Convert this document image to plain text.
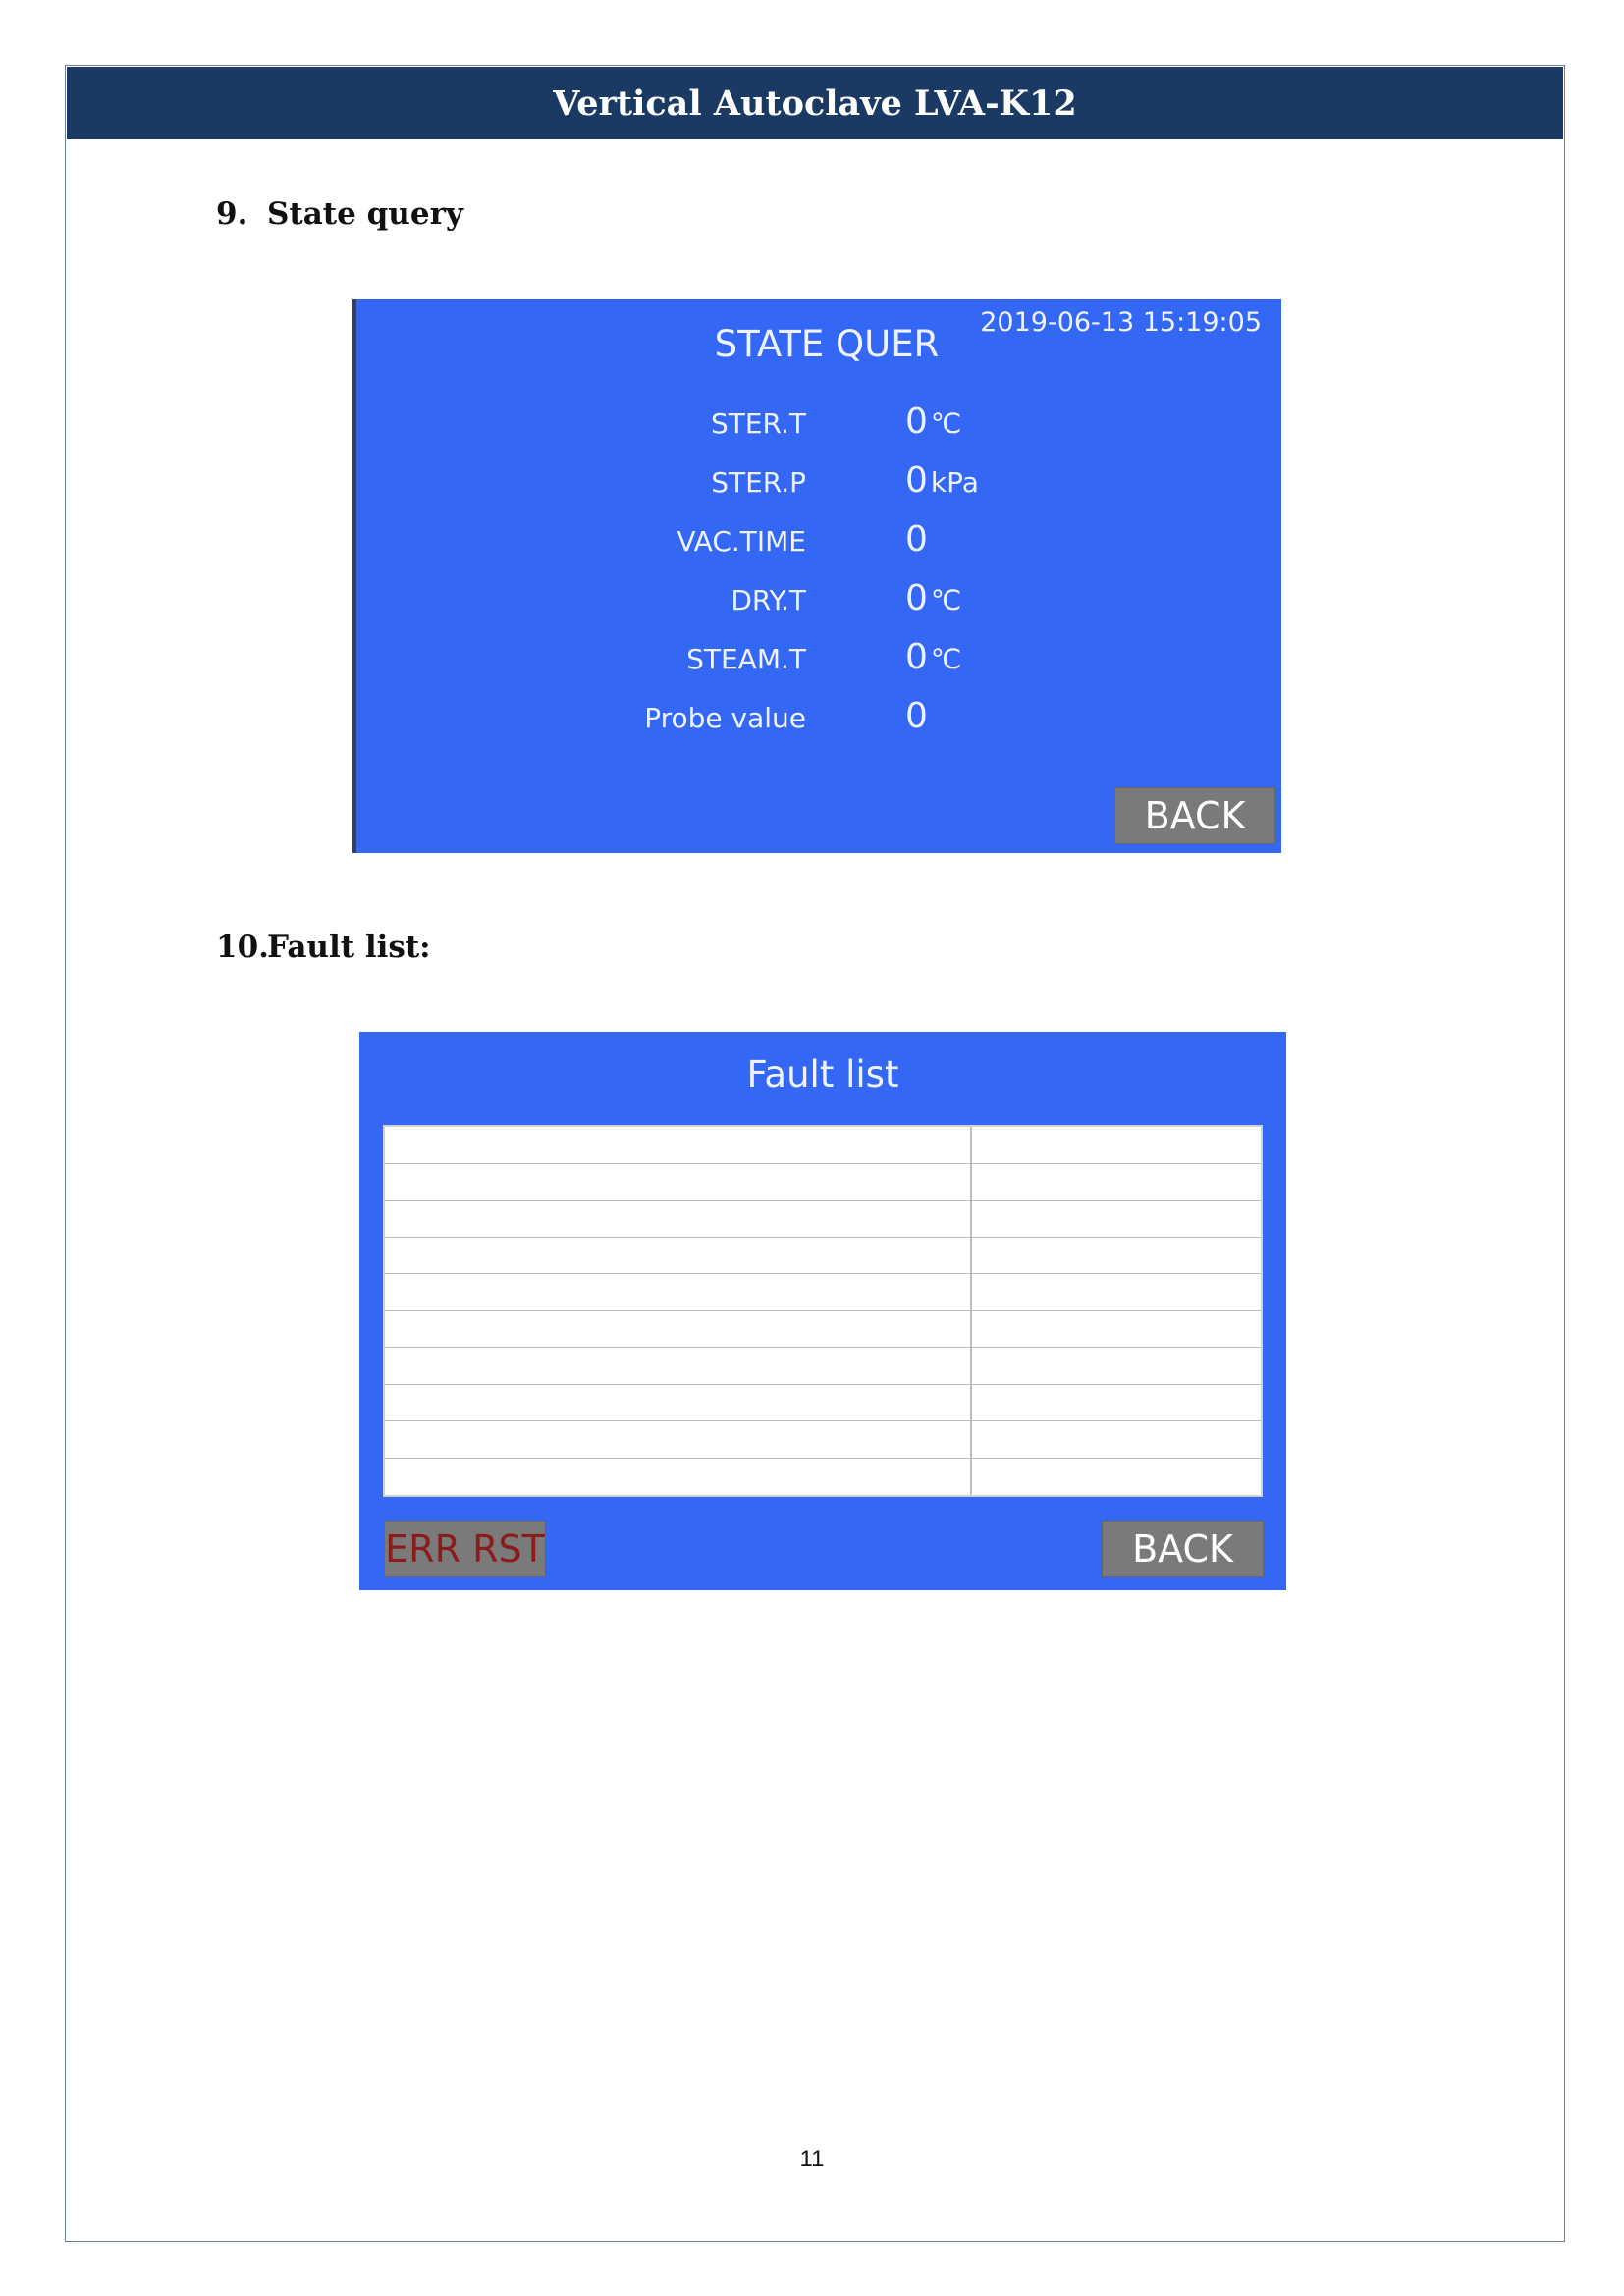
Vertical Autoclave LVA-K12
9. State query
STATE QUER
2019-06-13 15:19:05
STER.T	0 ℃
STER.P	0 kPa
VAC.TIME	0
DRY.T	0 ℃
STEAM.T	0 ℃
Probe value	0
BACK
10.
Fault list:
Fault list
ERR RST	BACK
11
